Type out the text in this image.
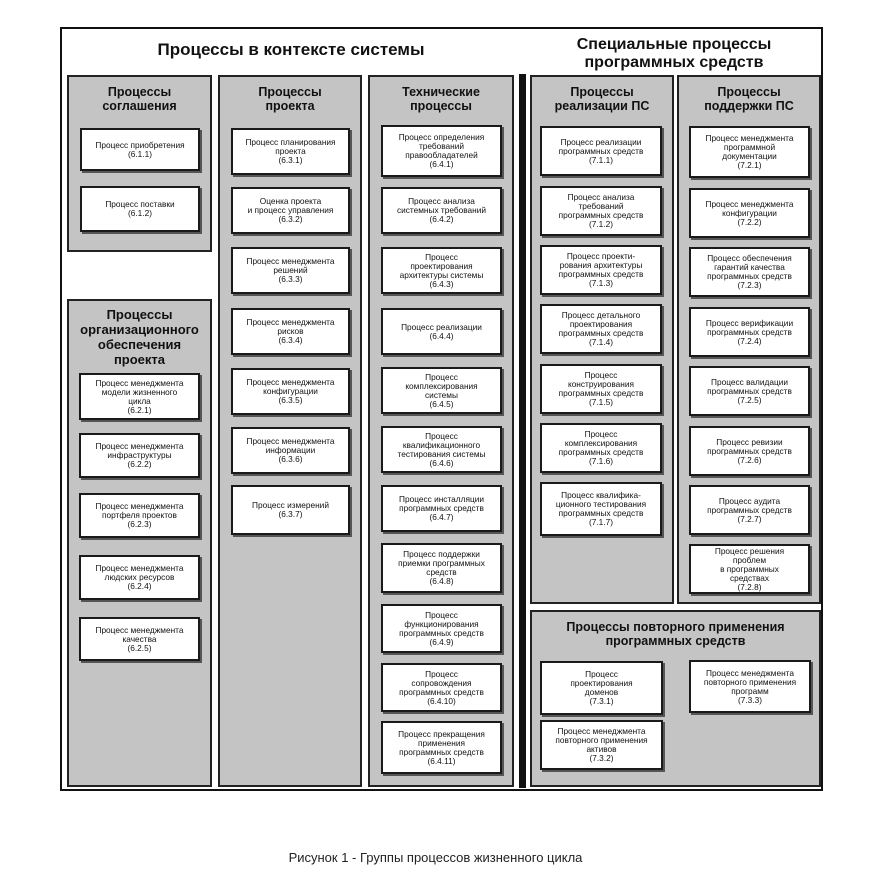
Процессы в контексте системы	Специальные процессы
программных средств
Процессы
соглашения
Процесс приобретения
(6.1.1)
Процесс поставки
(6.1.2)
Процессы
организационного
обеспечения
проекта
Процесс менеджмента
модели жизненного
цикла
(6.2.1)
Процесс менеджмента
инфраструктуры
(6.2.2)
Процесс менеджмента
портфеля проектов
(6.2.3)
Процесс менеджмента
людских ресурсов
(6.2.4)
Процесс менеджмента
качества
(6.2.5)
Процессы
проекта
Процесс планирования
проекта
(6.3.1)
Оценка проекта
и процесс управления
(6.3.2)
Процесс менеджмента
решений
(6.3.3)
Процесс менеджмента
рисков
(6.3.4)
Процесс менеджмента
конфигурации
(6.3.5)
Процесс менеджмента
информации
(6.3.6)
Процесс измерений
(6.3.7)
Технические
процессы
Процесс определения
требований
правообладателей
(6.4.1)
Процесс анализа
системных требований
(6.4.2)
Процесс
проектирования
архитектуры системы
(6.4.3)
Процесс реализации
(6.4.4)
Процесс
комплексирования
системы
(6.4.5)
Процесс
квалификационного
тестирования системы
(6.4.6)
Процесс инсталляции
программных средств
(6.4.7)
Процесс поддержки
приемки программных
средств
(6.4.8)
Процесс
функционирования
программных средств
(6.4.9)
Процесс
сопровождения
программных средств
(6.4.10)
Процесс прекращения
применения
программных средств
(6.4.11)
Процессы
реализации ПС
Процесс реализации
программных средств
(7.1.1)
Процесс анализа
требований
программных средств
(7.1.2)
Процесс проекти-
рования архитектуры
программных средств
(7.1.3)
Процесс детального
проектирования
программных средств
(7.1.4)
Процесс
конструирования
программных средств
(7.1.5)
Процесс
комплексирования
программных средств
(7.1.6)
Процесс квалифика-
ционного тестирования
программных средств
(7.1.7)
Процессы
поддержки ПС
Процесс менеджмента
программной
документации
(7.2.1)
Процесс менеджмента
конфигурации
(7.2.2)
Процесс обеспечения
гарантий качества
программных средств
(7.2.3)
Процесс верификации
программных средств
(7.2.4)
Процесс валидации
программных средств
(7.2.5)
Процесс ревизии
программных средств
(7.2.6)
Процесс аудита
программных средств
(7.2.7)
Процесс решения
проблем
в программных
средствах
(7.2.8)
Процессы повторного применения
программных средств
Процесс
проектирования
доменов
(7.3.1)
Процесс менеджмента
повторного применения
программ
(7.3.3)
Процесс менеджмента
повторного применения
активов
(7.3.2)
Рисунок 1 - Группы процессов жизненного цикла
